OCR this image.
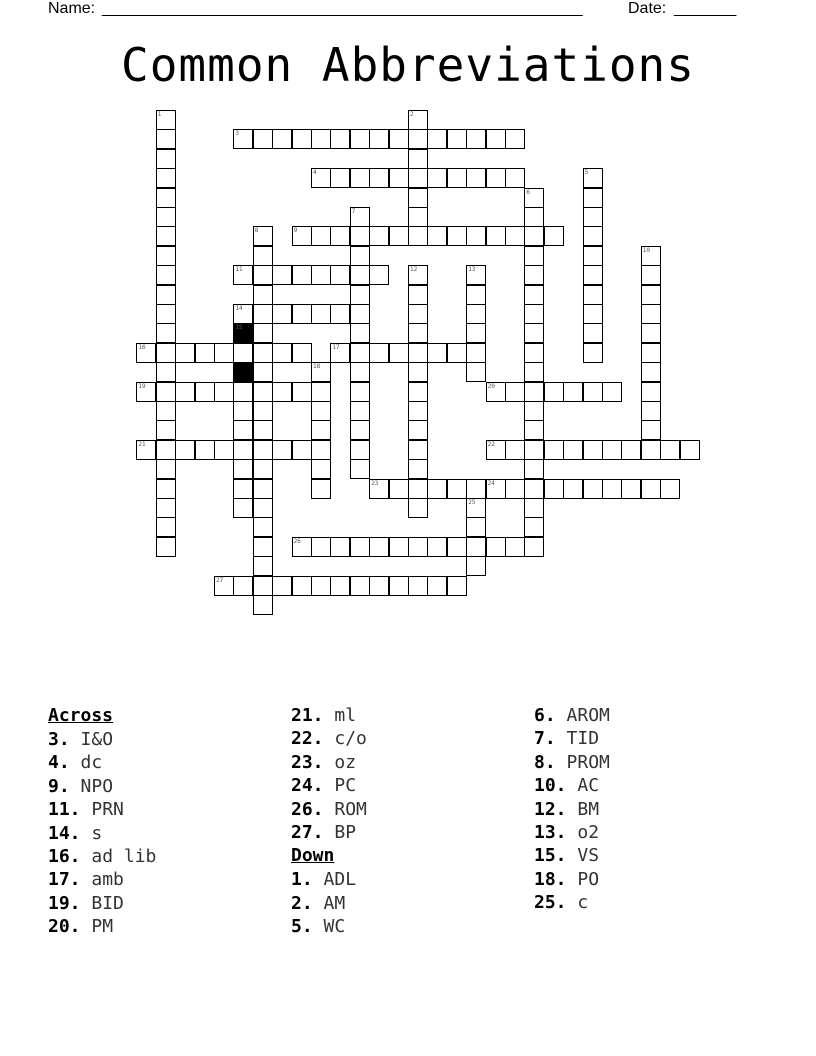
Name: ______________________________________________________	Date: _______
Common Abbreviations
1	2
3
4	5
6
7
8	9
10
11	12	13
14
15
16	17
18
19	20
21	22
23	24
25
26
27
Across
3. I&O
4. dc
9. NPO
11. PRN
14. s
16. ad lib
17. amb
19. BID
20. PM
21. ml
22. c/o
23. oz
24. PC
26. ROM
27. BP
Down
1. ADL
2. AM
5. WC
6. AROM
7. TID
8. PROM
10. AC
12. BM
13. o2
15. VS
18. PO
25. c
